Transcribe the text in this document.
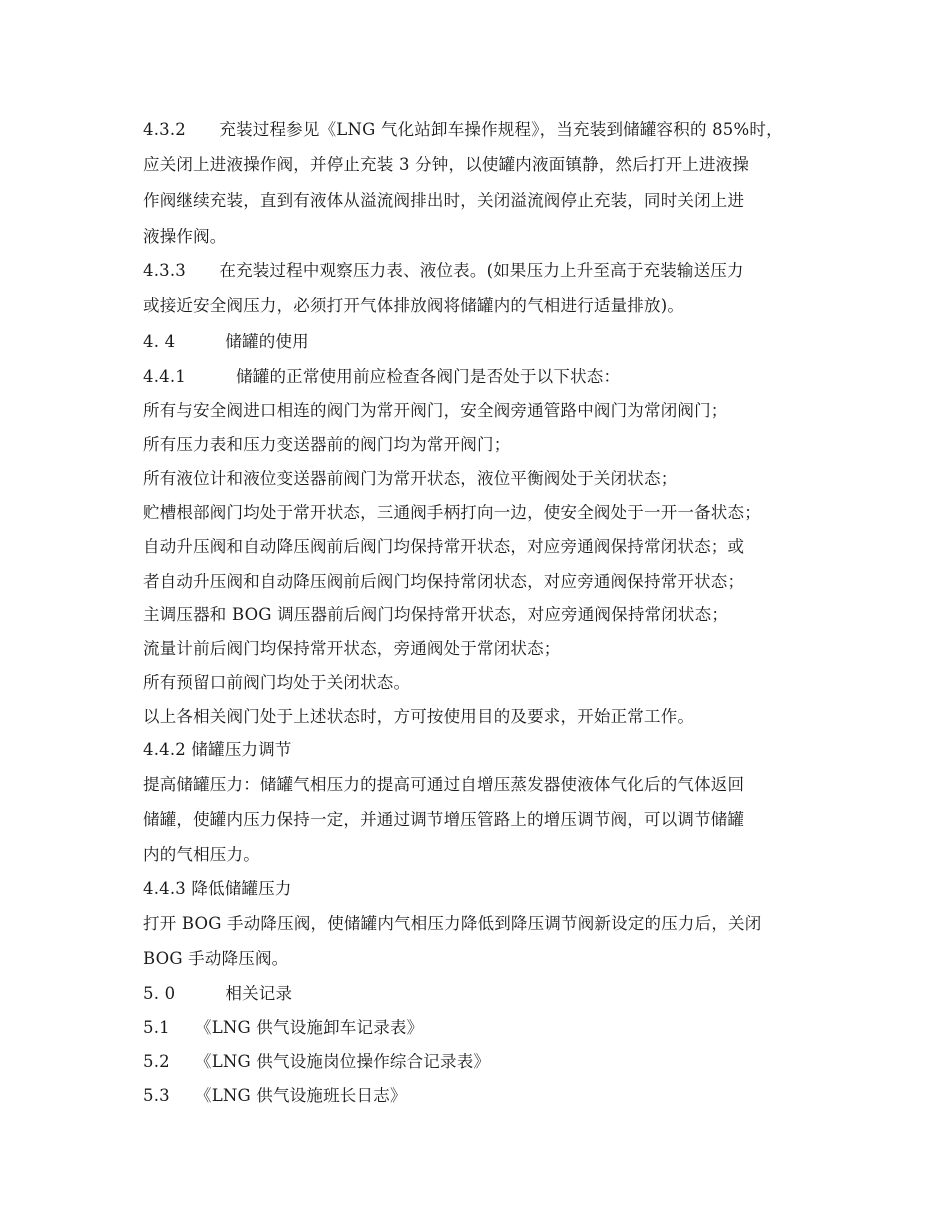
4.3.2　　充装过程参见《LNG 气化站卸车操作规程》，当充装到储罐容积的 85%时，
应关闭上进液操作阀，并停止充装 3 分钟，以使罐内液面镇静，然后打开上进液操
作阀继续充装，直到有液体从溢流阀排出时，关闭溢流阀停止充装，同时关闭上进
液操作阀。
4.3.3　　在充装过程中观察压力表、液位表。(如果压力上升至高于充装输送压力
或接近安全阀压力，必须打开气体排放阀将储罐内的气相进行适量排放)。
4. 4　　　储罐的使用
4.4.1　　　储罐的正常使用前应检查各阀门是否处于以下状态：
所有与安全阀进口相连的阀门为常开阀门，安全阀旁通管路中阀门为常闭阀门；
所有压力表和压力变送器前的阀门均为常开阀门；
所有液位计和液位变送器前阀门为常开状态，液位平衡阀处于关闭状态；
贮槽根部阀门均处于常开状态，三通阀手柄打向一边，使安全阀处于一开一备状态；
自动升压阀和自动降压阀前后阀门均保持常开状态，对应旁通阀保持常闭状态；或
者自动升压阀和自动降压阀前后阀门均保持常闭状态，对应旁通阀保持常开状态；
主调压器和 BOG 调压器前后阀门均保持常开状态，对应旁通阀保持常闭状态；
流量计前后阀门均保持常开状态，旁通阀处于常闭状态；
所有预留口前阀门均处于关闭状态。
以上各相关阀门处于上述状态时，方可按使用目的及要求，开始正常工作。
4.4.2 储罐压力调节
提高储罐压力：储罐气相压力的提高可通过自增压蒸发器使液体气化后的气体返回
储罐，使罐内压力保持一定，并通过调节增压管路上的增压调节阀，可以调节储罐
内的气相压力。
4.4.3 降低储罐压力
打开 BOG 手动降压阀，使储罐内气相压力降低到降压调节阀新设定的压力后，关闭
BOG 手动降压阀。
5. 0　　　相关记录
5.1　　《LNG 供气设施卸车记录表》
5.2　　《LNG 供气设施岗位操作综合记录表》
5.3　　《LNG 供气设施班长日志》
